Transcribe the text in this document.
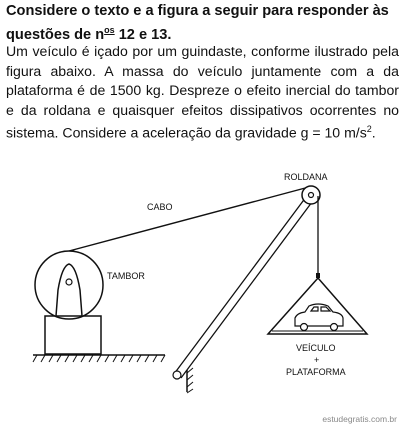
Considere o texto e a figura a seguir para responder às questões de $n^{os}$ 12 e 13.

Um veículo é içado por um guindaste, conforme ilustrado pela figura abaixo. A massa do veículo juntamente com a da plataforma é de 1500 kg. Despreze o efeito inercial do tambor e da roldana e quaisquer efeitos dissipativos ocorrentes no sistema. Considere a aceleração da gravidade g = 10 $m/s^2$.

ROLDANA
CABO
TAMBOR
VEÍCULO
+
PLATAFORMA
estudegratis.com.br
